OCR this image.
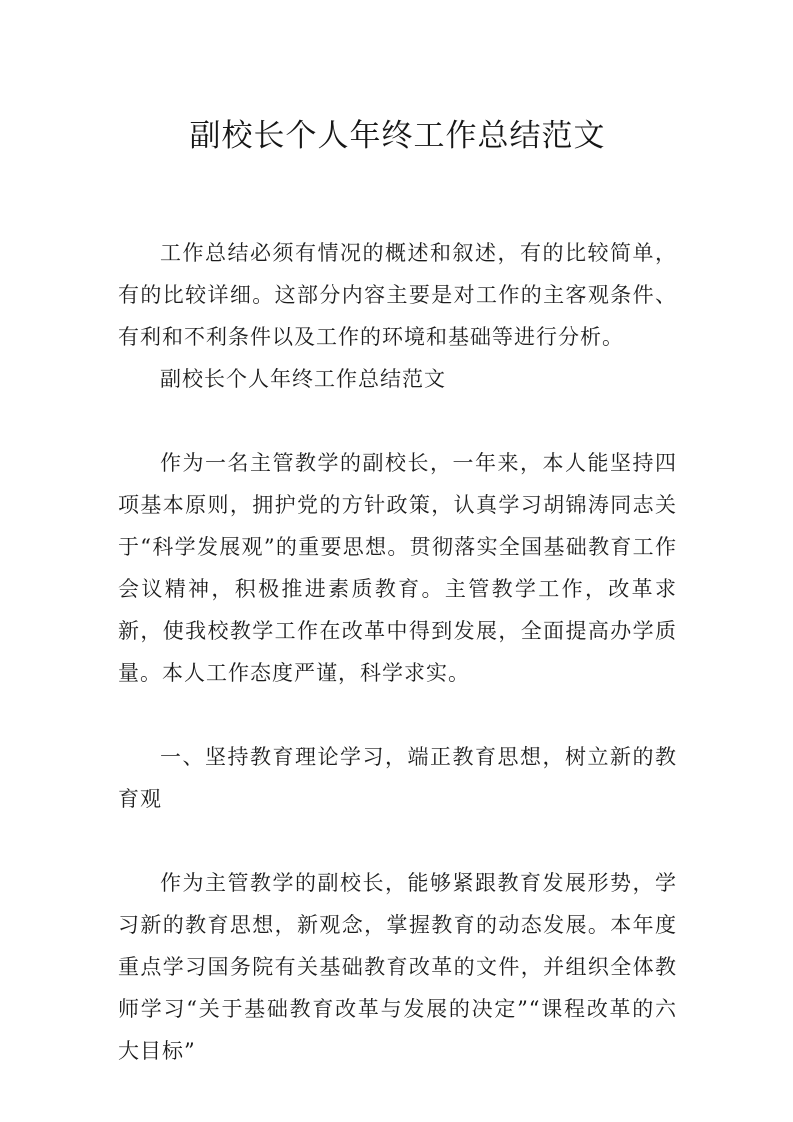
副校长个人年终工作总结范文

工作总结必须有情况的概述和叙述，有的比较简单，有的比较详细。这部分内容主要是对工作的主客观条件、有利和不利条件以及工作的环境和基础等进行分析。

副校长个人年终工作总结范文

作为一名主管教学的副校长，一年来，本人能坚持四项基本原则，拥护党的方针政策，认真学习胡锦涛同志关于“科学发展观”的重要思想。贯彻落实全国基础教育工作会议精神，积极推进素质教育。主管教学工作，改革求新，使我校教学工作在改革中得到发展，全面提高办学质量。本人工作态度严谨，科学求实。

一、坚持教育理论学习，端正教育思想，树立新的教育观

作为主管教学的副校长，能够紧跟教育发展形势，学习新的教育思想，新观念，掌握教育的动态发展。本年度重点学习国务院有关基础教育改革的文件，并组织全体教师学习“关于基础教育改革与发展的决定”“课程改革的六大目标”
